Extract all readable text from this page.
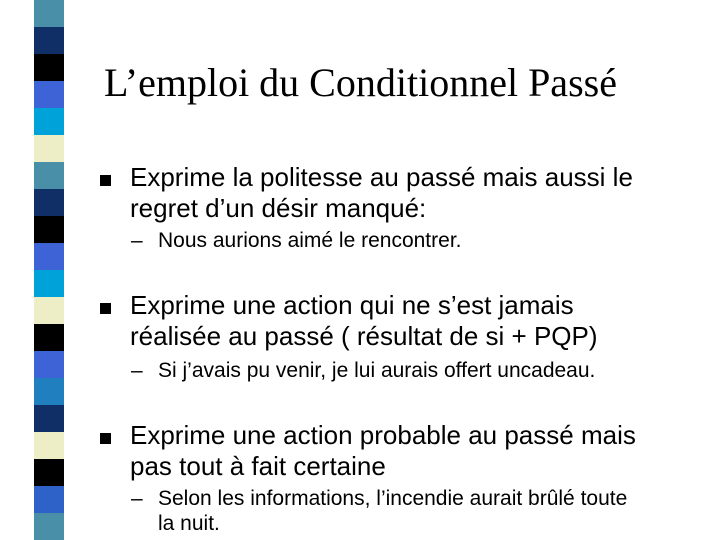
L’emploi du Conditionnel Passé
Exprime la politesse au passé mais aussi le
regret d’un désir manqué:
– Nous aurions aimé le rencontrer.
Exprime une action qui ne s’est jamais
réalisée au passé ( résultat de si + PQP)
– Si j’avais pu venir, je lui aurais offert uncadeau.
Exprime une action probable au passé mais
pas tout à fait certaine
– Selon les informations, l’incendie aurait brûlé toute
la nuit.
